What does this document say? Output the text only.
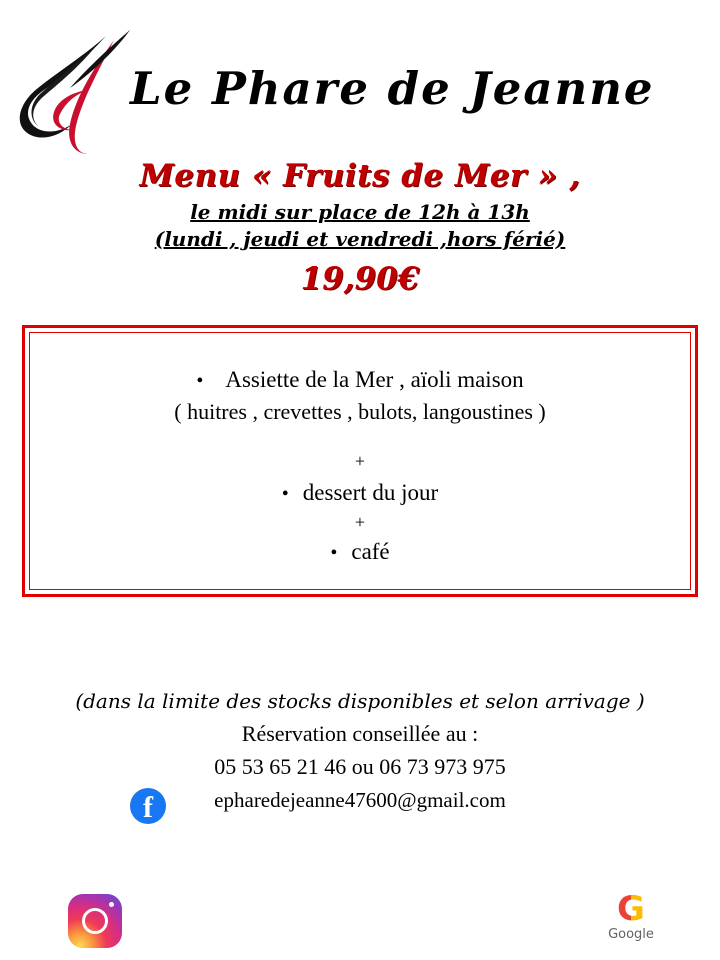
Le Phare de Jeanne

Menu « Fruits de Mer » ,

le midi sur place de 12h à 13h

(lundi , jeudi et vendredi ,hors férié)

19,90€

• Assiette de la Mer , aïoli maison

( huitres , crevettes , bulots, langoustines )

+

• dessert du jour

+

• café

(dans la limite des stocks disponibles et selon arrivage )

Réservation conseillée au :

05 53 65 21 46 ou 06 73 973 975

f	epharedejeanne47600@gmail.com
G
Google
